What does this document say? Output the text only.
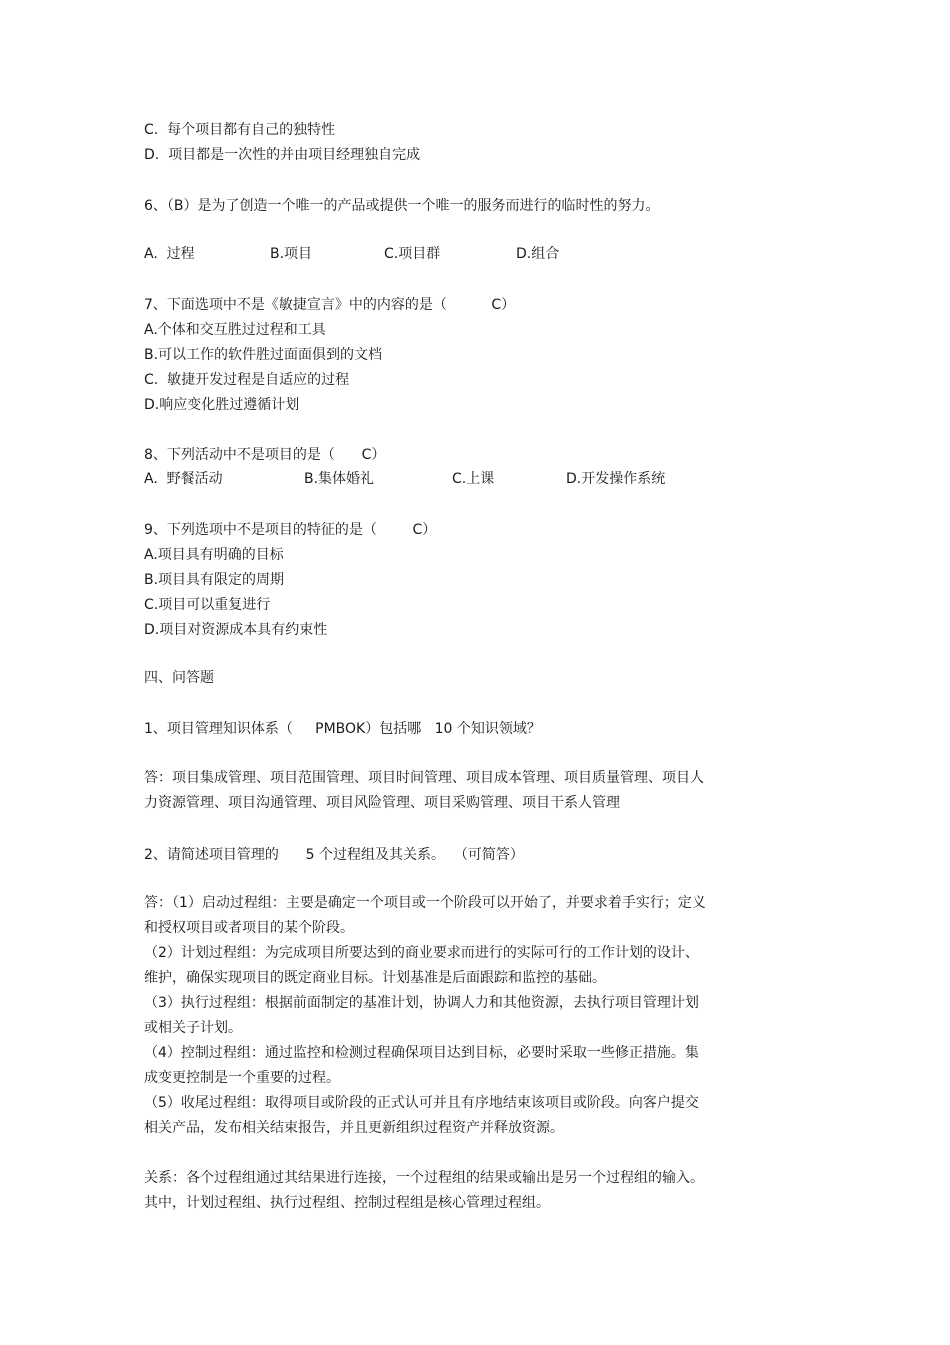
C.  每个项目都有自己的独特性
D.  项目都是一次性的并由项目经理独自完成
6、（B）是为了创造一个唯一的产品或提供一个唯一的服务而进行的临时性的努力。
A.  过程	B.项目	C.项目群	D.组合
7、下面选项中不是《敏捷宣言》中的内容的是（          C）
A.个体和交互胜过过程和工具
B.可以工作的软件胜过面面俱到的文档
C.  敏捷开发过程是自适应的过程
D.响应变化胜过遵循计划
8、下列活动中不是项目的是（      C）
A.  野餐活动	B.集体婚礼	C.上课	D.开发操作系统
9、下列选项中不是项目的特征的是（        C）
A.项目具有明确的目标
B.项目具有限定的周期
C.项目可以重复进行
D.项目对资源成本具有约束性
四、问答题
1、项目管理知识体系（     PMBOK）包括哪   10 个知识领域？
答：项目集成管理、项目范围管理、项目时间管理、项目成本管理、项目质量管理、项目人
力资源管理、项目沟通管理、项目风险管理、项目采购管理、项目干系人管理
2、请简述项目管理的      5 个过程组及其关系。  （可简答）
答：（1）启动过程组：主要是确定一个项目或一个阶段可以开始了，并要求着手实行；定义
和授权项目或者项目的某个阶段。
（2）计划过程组：为完成项目所要达到的商业要求而进行的实际可行的工作计划的设计、
维护，确保实现项目的既定商业目标。计划基准是后面跟踪和监控的基础。
（3）执行过程组：根据前面制定的基准计划，协调人力和其他资源，去执行项目管理计划
或相关子计划。
（4）控制过程组：通过监控和检测过程确保项目达到目标，必要时采取一些修正措施。集
成变更控制是一个重要的过程。
（5）收尾过程组：取得项目或阶段的正式认可并且有序地结束该项目或阶段。向客户提交
相关产品，发布相关结束报告，并且更新组织过程资产并释放资源。
关系：各个过程组通过其结果进行连接，一个过程组的结果或输出是另一个过程组的输入。
其中，计划过程组、执行过程组、控制过程组是核心管理过程组。
